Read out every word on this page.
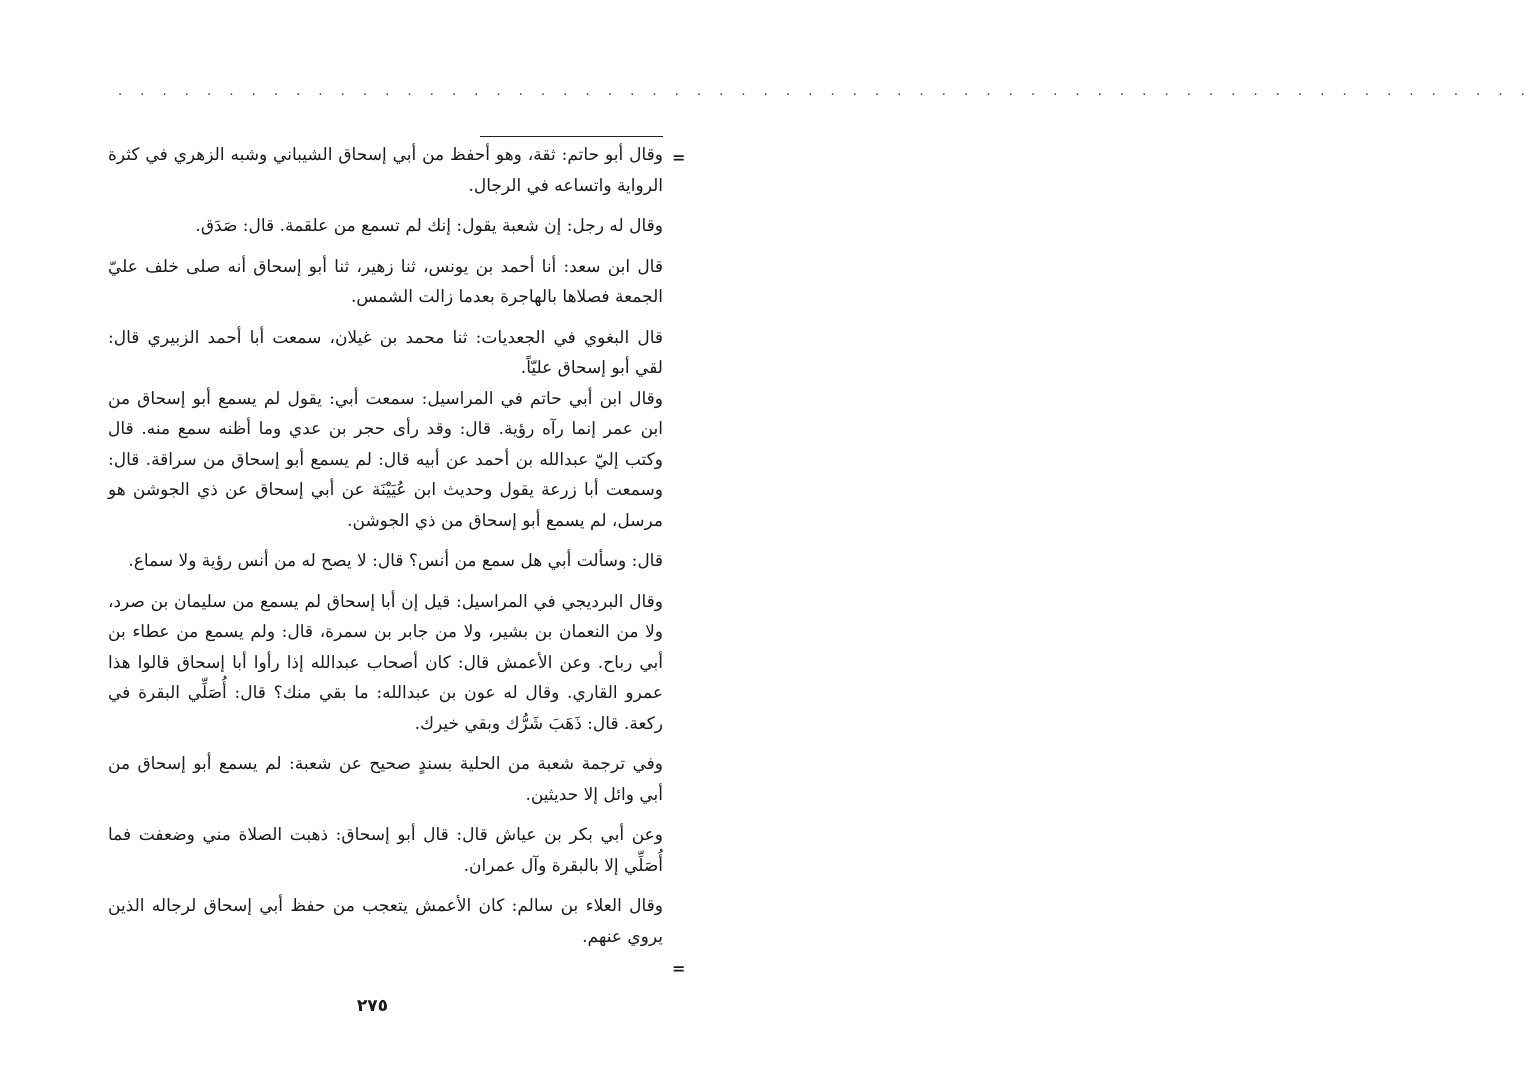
. . . . . . . . . . . . . . . . . . . . . . . . . . . . . . . . . . . . . . . . . . . . . . . . . . . . . . . . . . . . . . . .
=

وقال أبو حاتم: ثقة، وهو أحفظ من أبي إسحاق الشيباني وشبه الزهري في كثرة الرواية واتساعه في الرجال.

وقال له رجل: إن شعبة يقول: إنك لم تسمع من علقمة. قال: صَدَق.

قال ابن سعد: أنا أحمد بن يونس، ثنا زهير، ثنا أبو إسحاق أنه صلى خلف عليّ الجمعة فصلاها بالهاجرة بعدما زالت الشمس.

قال البغوي في الجعديات: ثنا محمد بن غيلان، سمعت أبا أحمد الزبيري قال: لقي أبو إسحاق عليّاً.

وقال ابن أبي حاتم في المراسيل: سمعت أبي: يقول لم يسمع أبو إسحاق من ابن عمر إنما رآه رؤية. قال: وقد رأى حجر بن عدي وما أظنه سمع منه. قال وكتب إليّ عبدالله بن أحمد عن أبيه قال: لم يسمع أبو إسحاق من سراقة. قال: وسمعت أبا زرعة يقول وحديث ابن عُيَيْنَة عن أبي إسحاق عن ذي الجوشن هو مرسل، لم يسمع أبو إسحاق من ذي الجوشن.

قال: وسألت أبي هل سمع من أنس؟ قال: لا يصح له من أنس رؤية ولا سماع.

وقال البرديجي في المراسيل: قيل إن أبا إسحاق لم يسمع من سليمان بن صرد، ولا من النعمان بن بشير، ولا من جابر بن سمرة، قال: ولم يسمع من عطاء بن أبي رباح. وعن الأعمش قال: كان أصحاب عبدالله إذا رأوا أبا إسحاق قالوا هذا عمرو القاري. وقال له عون بن عبدالله: ما بقي منك؟ قال: أُصَلِّي البقرة في ركعة. قال: ذَهَبَ شَرُّك وبقي خيرك.

وفي ترجمة شعبة من الحلية بسندٍ صحيح عن شعبة: لم يسمع أبو إسحاق من أبي وائل إلا حديثين.

وعن أبي بكر بن عياش قال: قال أبو إسحاق: ذهبت الصلاة مني وضعفت فما أُصَلِّي إلا بالبقرة وآل عمران.

وقال العلاء بن سالم: كان الأعمش يتعجب من حفظ أبي إسحاق لرجاله الذين يروي عنهم.

=
٢٧٥
